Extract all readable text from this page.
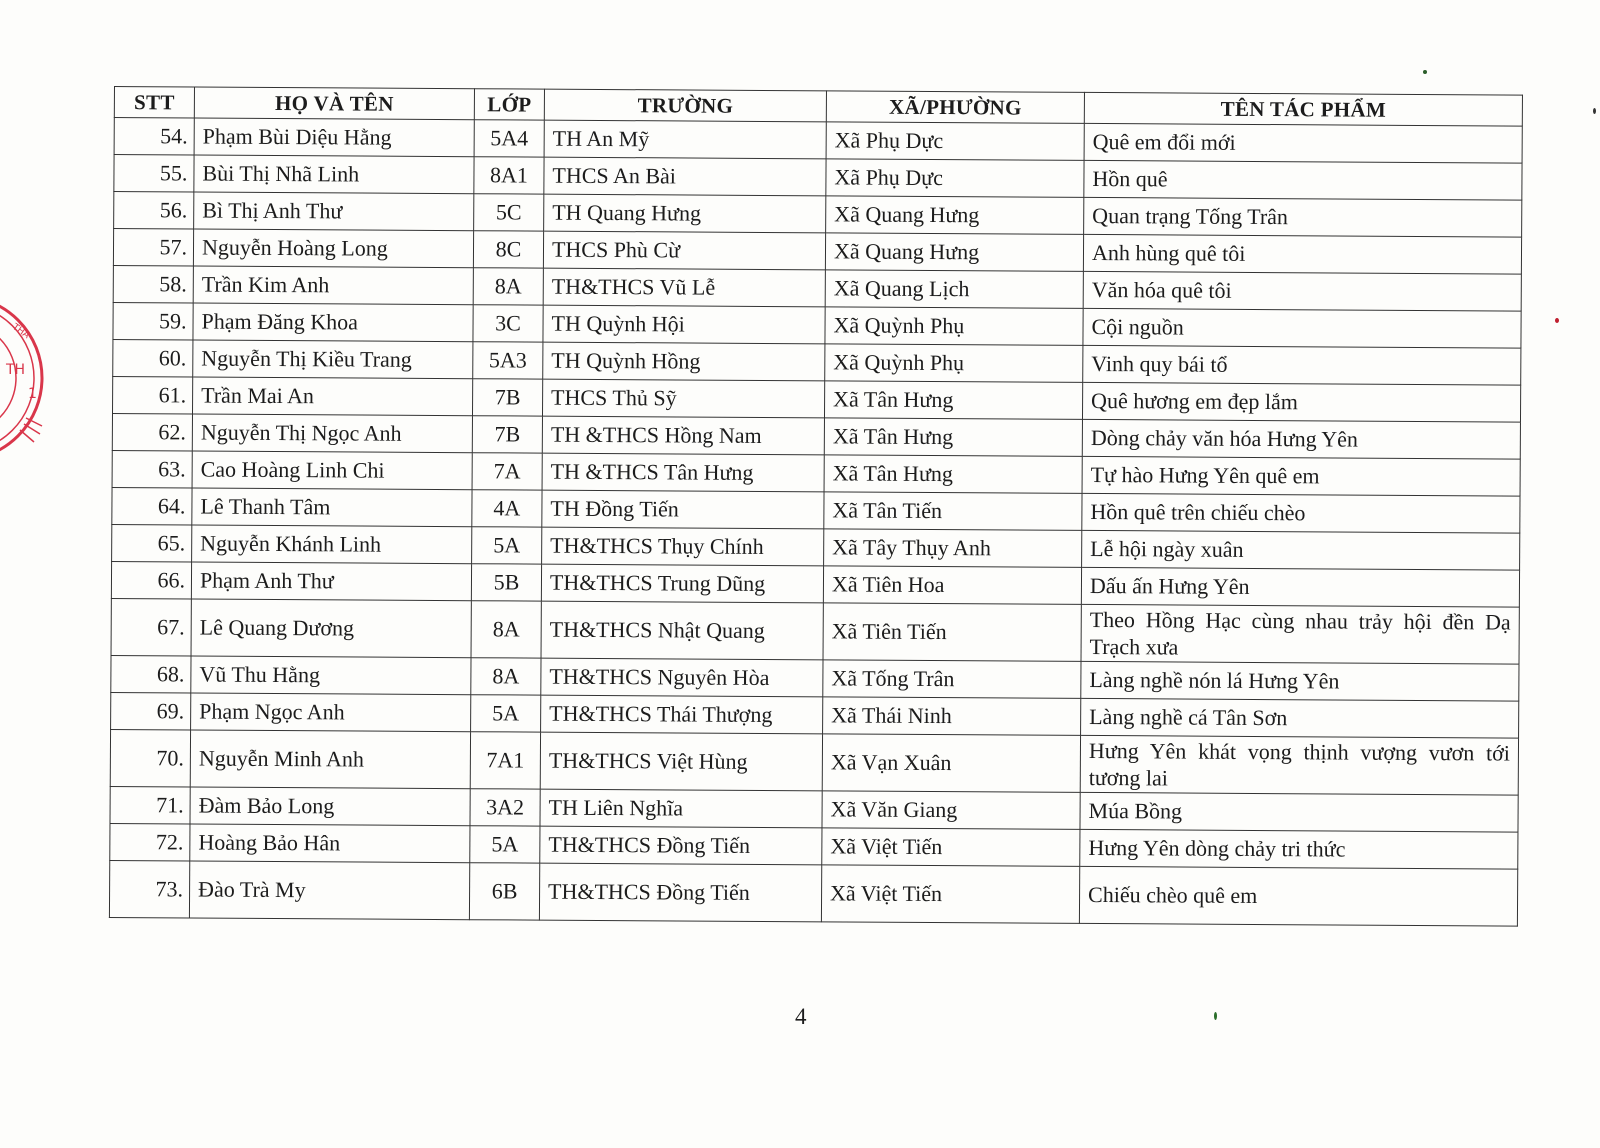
THA
TH
1
STT	HỌ VÀ TÊN	LỚP	TRƯỜNG	XÃ/PHƯỜNG	TÊN TÁC PHẨM
54.	Phạm Bùi Diệu Hằng	5A4	TH An Mỹ	Xã Phụ Dực	Quê em đổi mới
55.	Bùi Thị Nhã Linh	8A1	THCS An Bài	Xã Phụ Dực	Hồn quê
56.	Bì Thị Anh Thư	5C	TH Quang Hưng	Xã Quang Hưng	Quan trạng Tống Trân
57.	Nguyễn Hoàng Long	8C	THCS Phù Cừ	Xã Quang Hưng	Anh hùng quê tôi
58.	Trần Kim Anh	8A	TH&THCS Vũ Lễ	Xã Quang Lịch	Văn hóa quê tôi
59.	Phạm Đăng Khoa	3C	TH Quỳnh Hội	Xã Quỳnh Phụ	Cội nguồn
60.	Nguyễn Thị Kiều Trang	5A3	TH Quỳnh Hồng	Xã Quỳnh Phụ	Vinh quy bái tổ
61.	Trần Mai An	7B	THCS Thủ Sỹ	Xã Tân Hưng	Quê hương em đẹp lắm
62.	Nguyễn Thị Ngọc Anh	7B	TH &THCS Hồng Nam	Xã Tân Hưng	Dòng chảy văn hóa Hưng Yên
63.	Cao Hoàng Linh Chi	7A	TH &THCS Tân Hưng	Xã Tân Hưng	Tự hào Hưng Yên quê em
64.	Lê Thanh Tâm	4A	TH Đồng Tiến	Xã Tân Tiến	Hồn quê trên chiếu chèo
65.	Nguyễn Khánh Linh	5A	TH&THCS Thụy Chính	Xã Tây Thụy Anh	Lễ hội ngày xuân
66.	Phạm Anh Thư	5B	TH&THCS Trung Dũng	Xã Tiên Hoa	Dấu ấn Hưng Yên
67.	Lê Quang Dương	8A	TH&THCS Nhật Quang	Xã Tiên Tiến	Theo Hồng Hạc cùng nhau trảy hội đền Dạ Trạch xưa
68.	Vũ Thu Hằng	8A	TH&THCS Nguyên Hòa	Xã Tống Trân	Làng nghề nón lá Hưng Yên
69.	Phạm Ngọc Anh	5A	TH&THCS Thái Thượng	Xã Thái Ninh	Làng nghề cá Tân Sơn
70.	Nguyễn Minh Anh	7A1	TH&THCS Việt Hùng	Xã Vạn Xuân	Hưng Yên khát vọng thịnh vượng vươn tới tương lai
71.	Đàm Bảo Long	3A2	TH Liên Nghĩa	Xã Văn Giang	Múa Bồng
72.	Hoàng Bảo Hân	5A	TH&THCS Đồng Tiến	Xã Việt Tiến	Hưng Yên dòng chảy tri thức
73.	Đào Trà My	6B	TH&THCS Đồng Tiến	Xã Việt Tiến	Chiếu chèo quê em
4
